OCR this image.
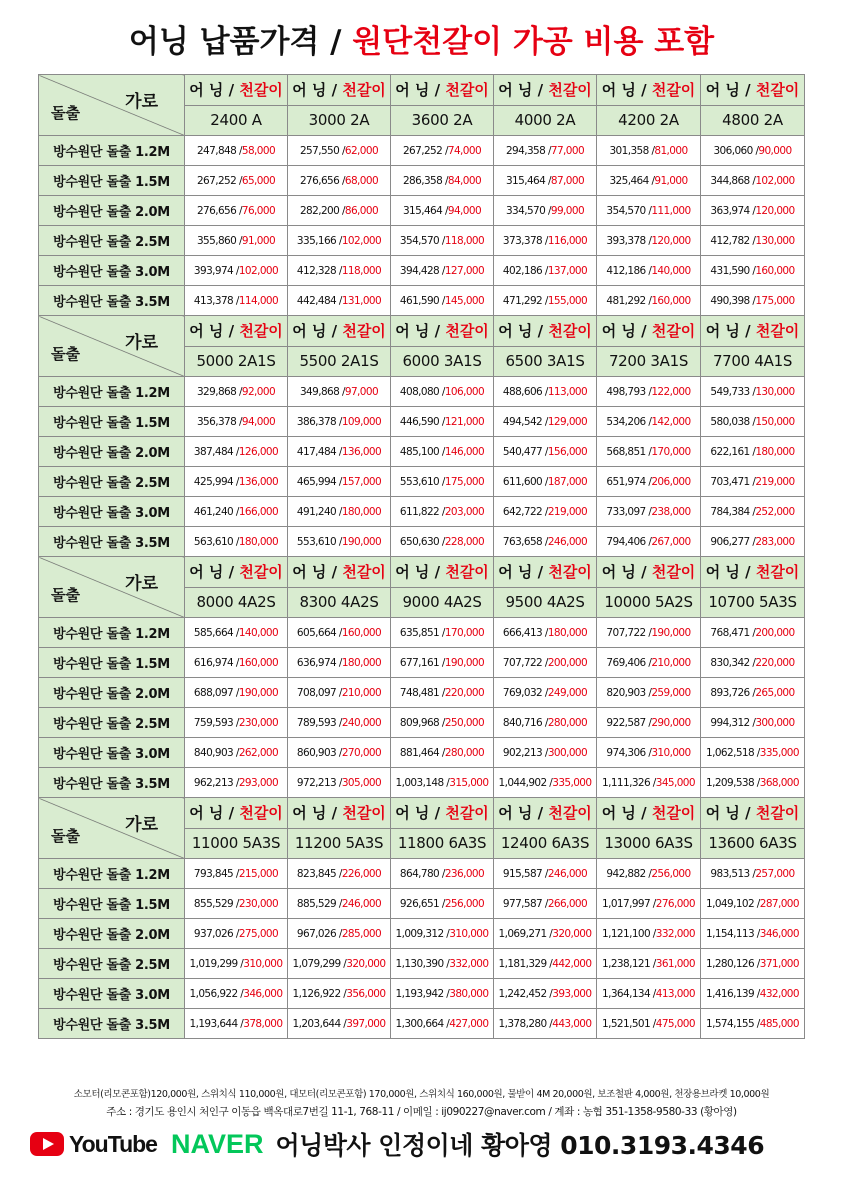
어닝 납품가격 / 원단천갈이 가공 비용 포함
가로
돌출	어 닝 / 천갈이	어 닝 / 천갈이	어 닝 / 천갈이	어 닝 / 천갈이	어 닝 / 천갈이	어 닝 / 천갈이
	2400 A	3000 2A	3600 2A	4000 2A	4200 2A	4800 2A
방수원단 돌출 1.2M	247,848 /58,000	257,550 /62,000	267,252 /74,000	294,358 /77,000	301,358 /81,000	306,060 /90,000
방수원단 돌출 1.5M	267,252 /65,000	276,656 /68,000	286,358 /84,000	315,464 /87,000	325,464 /91,000	344,868 /102,000
방수원단 돌출 2.0M	276,656 /76,000	282,200 /86,000	315,464 /94,000	334,570 /99,000	354,570 /111,000	363,974 /120,000
방수원단 돌출 2.5M	355,860 /91,000	335,166 /102,000	354,570 /118,000	373,378 /116,000	393,378 /120,000	412,782 /130,000
방수원단 돌출 3.0M	393,974 /102,000	412,328 /118,000	394,428 /127,000	402,186 /137,000	412,186 /140,000	431,590 /160,000
방수원단 돌출 3.5M	413,378 /114,000	442,484 /131,000	461,590 /145,000	471,292 /155,000	481,292 /160,000	490,398 /175,000

가로
돌출	어 닝 / 천갈이	어 닝 / 천갈이	어 닝 / 천갈이	어 닝 / 천갈이	어 닝 / 천갈이	어 닝 / 천갈이
	5000 2A1S	5500 2A1S	6000 3A1S	6500 3A1S	7200 3A1S	7700 4A1S
방수원단 돌출 1.2M	329,868 /92,000	349,868 /97,000	408,080 /106,000	488,606 /113,000	498,793 /122,000	549,733 /130,000
방수원단 돌출 1.5M	356,378 /94,000	386,378 /109,000	446,590 /121,000	494,542 /129,000	534,206 /142,000	580,038 /150,000
방수원단 돌출 2.0M	387,484 /126,000	417,484 /136,000	485,100 /146,000	540,477 /156,000	568,851 /170,000	622,161 /180,000
방수원단 돌출 2.5M	425,994 /136,000	465,994 /157,000	553,610 /175,000	611,600 /187,000	651,974 /206,000	703,471 /219,000
방수원단 돌출 3.0M	461,240 /166,000	491,240 /180,000	611,822 /203,000	642,722 /219,000	733,097 /238,000	784,384 /252,000
방수원단 돌출 3.5M	563,610 /180,000	553,610 /190,000	650,630 /228,000	763,658 /246,000	794,406 /267,000	906,277 /283,000

가로
돌출	어 닝 / 천갈이	어 닝 / 천갈이	어 닝 / 천갈이	어 닝 / 천갈이	어 닝 / 천갈이	어 닝 / 천갈이
	8000 4A2S	8300 4A2S	9000 4A2S	9500 4A2S	10000 5A2S	10700 5A3S
방수원단 돌출 1.2M	585,664 /140,000	605,664 /160,000	635,851 /170,000	666,413 /180,000	707,722 /190,000	768,471 /200,000
방수원단 돌출 1.5M	616,974 /160,000	636,974 /180,000	677,161 /190,000	707,722 /200,000	769,406 /210,000	830,342 /220,000
방수원단 돌출 2.0M	688,097 /190,000	708,097 /210,000	748,481 /220,000	769,032 /249,000	820,903 /259,000	893,726 /265,000
방수원단 돌출 2.5M	759,593 /230,000	789,593 /240,000	809,968 /250,000	840,716 /280,000	922,587 /290,000	994,312 /300,000
방수원단 돌출 3.0M	840,903 /262,000	860,903 /270,000	881,464 /280,000	902,213 /300,000	974,306 /310,000	1,062,518 /335,000
방수원단 돌출 3.5M	962,213 /293,000	972,213 /305,000	1,003,148 /315,000	1,044,902 /335,000	1,111,326 /345,000	1,209,538 /368,000

가로
돌출	어 닝 / 천갈이	어 닝 / 천갈이	어 닝 / 천갈이	어 닝 / 천갈이	어 닝 / 천갈이	어 닝 / 천갈이
	11000 5A3S	11200 5A3S	11800 6A3S	12400 6A3S	13000 6A3S	13600 6A3S
방수원단 돌출 1.2M	793,845 /215,000	823,845 /226,000	864,780 /236,000	915,587 /246,000	942,882 /256,000	983,513 /257,000
방수원단 돌출 1.5M	855,529 /230,000	885,529 /246,000	926,651 /256,000	977,587 /266,000	1,017,997 /276,000	1,049,102 /287,000
방수원단 돌출 2.0M	937,026 /275,000	967,026 /285,000	1,009,312 /310,000	1,069,271 /320,000	1,121,100 /332,000	1,154,113 /346,000
방수원단 돌출 2.5M	1,019,299 /310,000	1,079,299 /320,000	1,130,390 /332,000	1,181,329 /442,000	1,238,121 /361,000	1,280,126 /371,000
방수원단 돌출 3.0M	1,056,922 /346,000	1,126,922 /356,000	1,193,942 /380,000	1,242,452 /393,000	1,364,134 /413,000	1,416,139 /432,000
방수원단 돌출 3.5M	1,193,644 /378,000	1,203,644 /397,000	1,300,664 /427,000	1,378,280 /443,000	1,521,501 /475,000	1,574,155 /485,000
소모터(리모콘포함)120,000원, 스위치식 110,000원, 대모터(리모콘포함) 170,000원, 스위치식 160,000원, 물받이 4M 20,000원, 보조철판 4,000원, 천장용브라켓 10,000원
주소 : 경기도 용인시 처인구 이동읍 백옥대로7번길 11-1, 768-11 / 이메일 : ij090227@naver.com / 계좌 : 농협 351-1358-9580-33 (황아영)
YouTube NAVER 어닝박사 인정이네 황아영 010.3193.4346
